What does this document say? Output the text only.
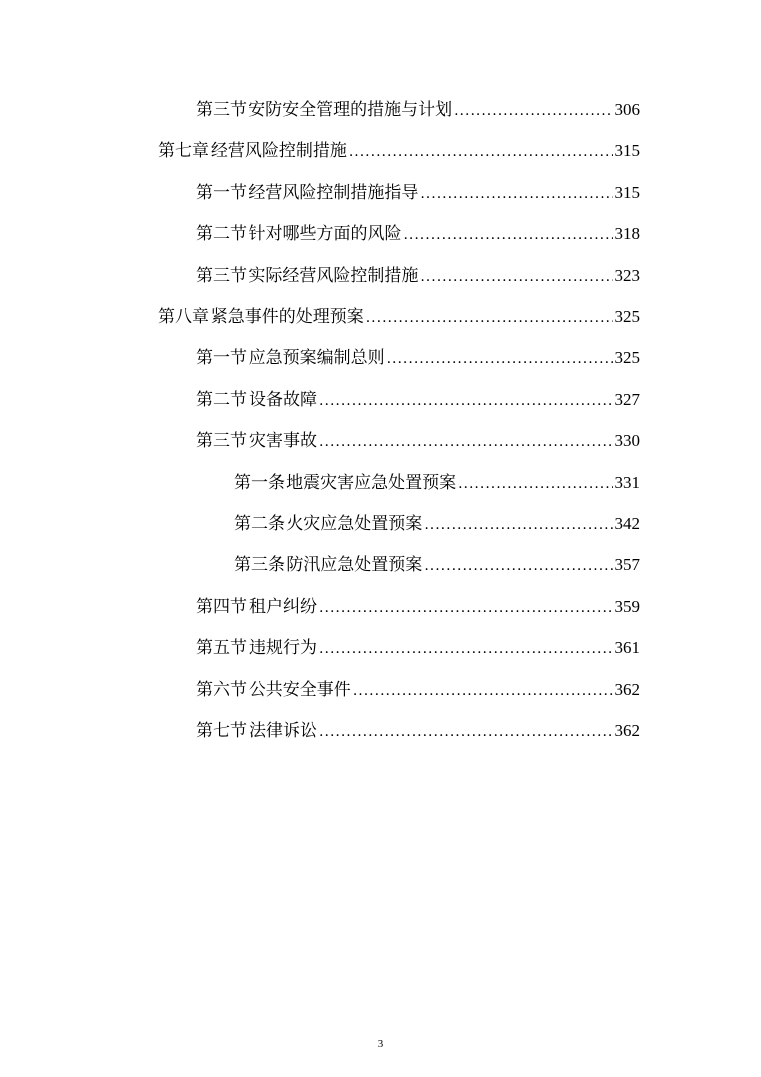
第三节 安防安全管理的措施与计划 .....	306
第七章 经营风险控制措施 .....	315
第一节 经营风险控制措施指导 .....	315
第二节 针对哪些方面的风险 .....	318
第三节 实际经营风险控制措施 .....	323
第八章 紧急事件的处理预案 .....	325
第一节 应急预案编制总则 .....	325
第二节 设备故障 .....	327
第三节 灾害事故 .....	330
第一条 地震灾害应急处置预案 .....	331
第二条 火灾应急处置预案 .....	342
第三条 防汛应急处置预案 .....	357
第四节 租户纠纷 .....	359
第五节 违规行为 .....	361
第六节 公共安全事件 .....	362
第七节 法律诉讼 .....	362
3
